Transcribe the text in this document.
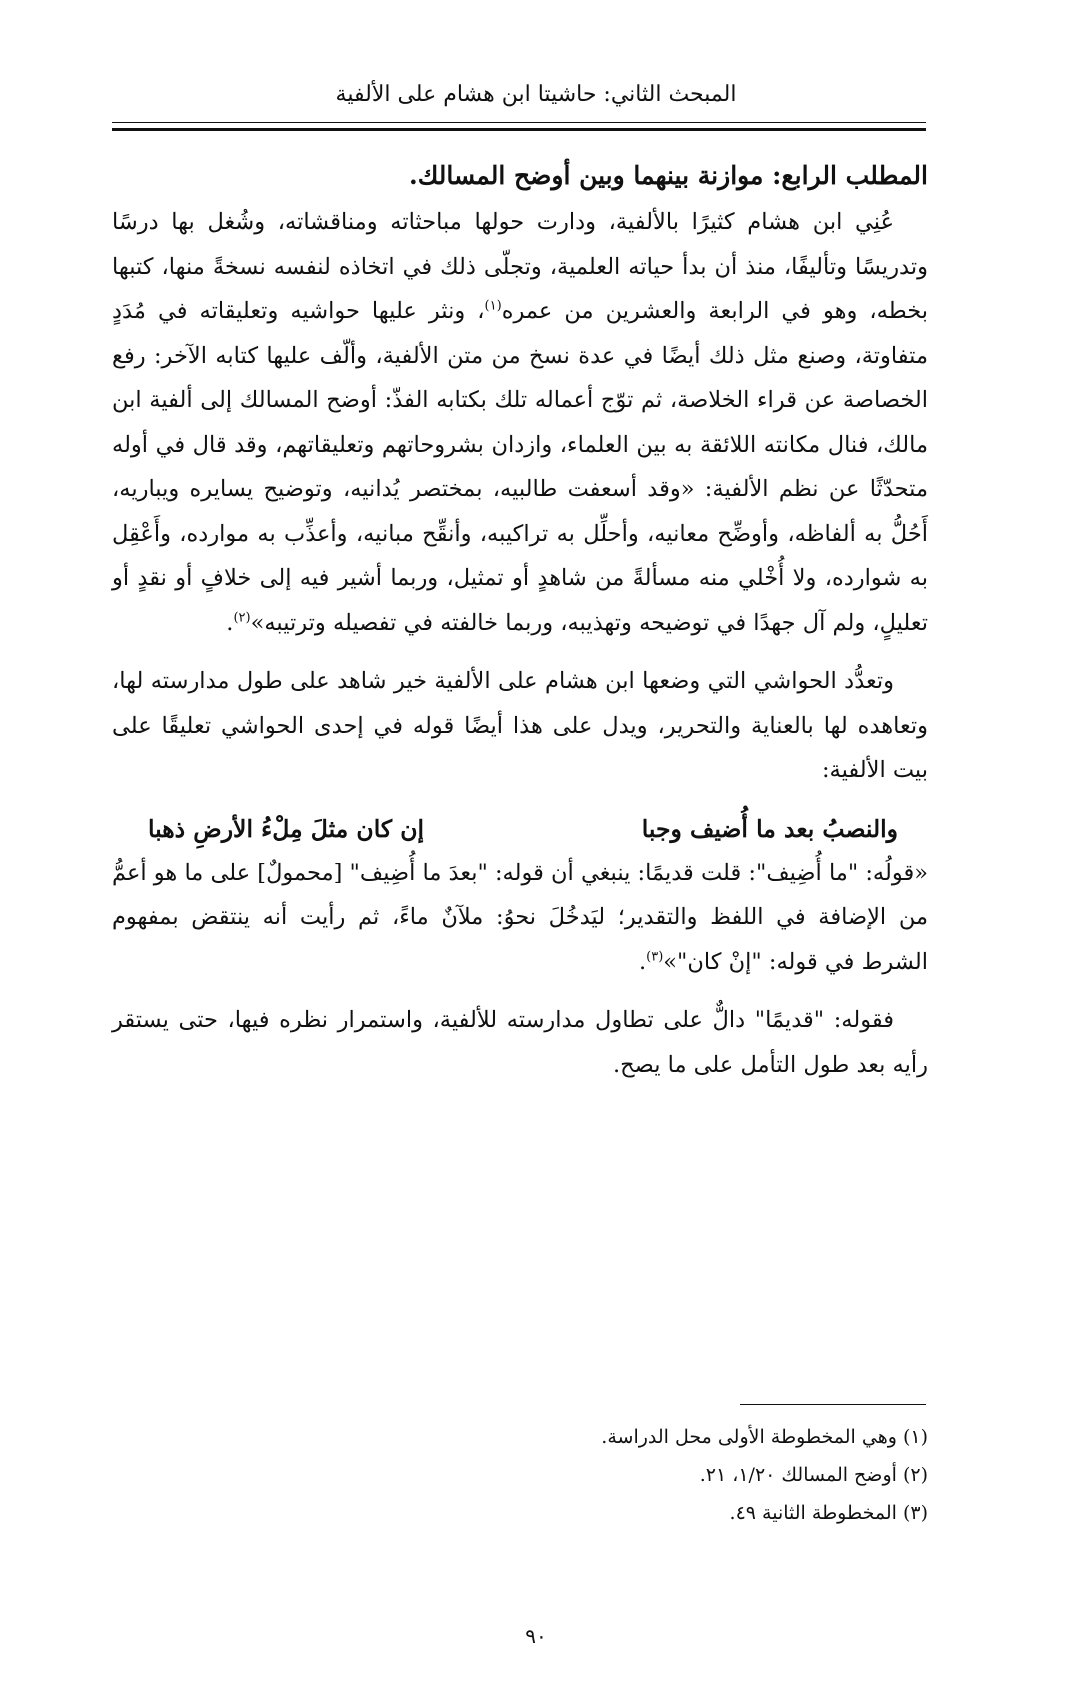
المبحث الثاني: حاشيتا ابن هشام على الألفية
المطلب الرابع: موازنة بينهما وبين أوضح المسالك.

عُنِي ابن هشام كثيرًا بالألفية، ودارت حولها مباحثاته ومناقشاته، وشُغل بها درسًا وتدريسًا وتأليفًا، منذ أن بدأ حياته العلمية، وتجلّى ذلك في اتخاذه لنفسه نسخةً منها، كتبها بخطه، وهو في الرابعة والعشرين من عمره$^{(١)}$، ونثر عليها حواشيه وتعليقاته في مُدَدٍ متفاوتة، وصنع مثل ذلك أيضًا في عدة نسخ من متن الألفية، وألّف عليها كتابه الآخر: رفع الخصاصة عن قراء الخلاصة، ثم توّج أعماله تلك بكتابه الفذّ: أوضح المسالك إلى ألفية ابن مالك، فنال مكانته اللائقة به بين العلماء، وازدان بشروحاتهم وتعليقاتهم، وقد قال في أوله متحدّثًا عن نظم الألفية: «وقد أسعفت طالبيه، بمختصر يُدانيه، وتوضيح يسايره ويباريه، أَحُلُّ به ألفاظه، وأوضِّح معانيه، وأحلِّل به تراكيبه، وأنقِّح مبانيه، وأعذِّب به موارده، وأَعْقِل به شوارده، ولا أُخْلي منه مسألةً من شاهدٍ أو تمثيل، وربما أشير فيه إلى خلافٍ أو نقدٍ أو تعليلٍ، ولم آل جهدًا في توضيحه وتهذيبه، وربما خالفته في تفصيله وترتيبه»$^{(٢)}$.

وتعدُّد الحواشي التي وضعها ابن هشام على الألفية خير شاهد على طول مدارسته لها، وتعاهده لها بالعناية والتحرير، ويدل على هذا أيضًا قوله في إحدى الحواشي تعليقًا على بيت الألفية:

والنصبُ بعد ما أُضيف وجبا
إن كان مثلَ مِلْءُ الأرضِ ذهبا

«قولُه: "ما أُضِيف": قلت قديمًا: ينبغي أن قوله: "بعدَ ما أُضِيف" [محمولٌ] على ما هو أعمُّ من الإضافة في اللفظ والتقدير؛ ليَدخُلَ نحوُ: ملآنٌ ماءً، ثم رأيت أنه ينتقض بمفهوم الشرط في قوله: "إنْ كان"»$^{(٣)}$.

فقوله: "قديمًا" دالٌّ على تطاول مدارسته للألفية، واستمرار نظره فيها، حتى يستقر رأيه بعد طول التأمل على ما يصح.

(١) وهي المخطوطة الأولى محل الدراسة.
(٢) أوضح المسالك ١/٢٠، ٢١.
(٣) المخطوطة الثانية ٤٩.
٩٠
